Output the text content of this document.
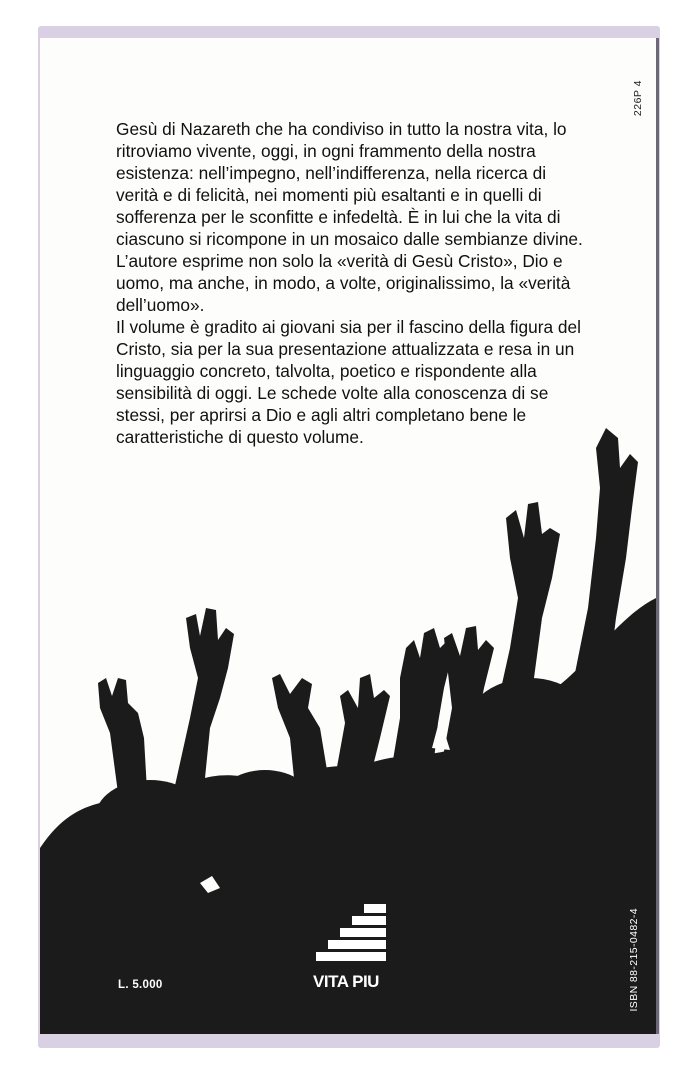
226P 4

Gesù di Nazareth che ha condiviso in tutto la nostra vita, lo ritroviamo vivente, oggi, in ogni frammento della nostra esistenza: nell’impegno, nell’indifferenza, nella ricerca di verità e di felicità, nei momenti più esaltanti e in quelli di sofferenza per le sconfitte e infedeltà. È in lui che la vita di ciascuno si ricompone in un mosaico dalle sembianze divine.

L’autore esprime non solo la «verità di Gesù Cristo», Dio e uomo, ma anche, in modo, a volte, originalissimo, la «verità dell’uomo».

Il volume è gradito ai giovani sia per il fascino della figura del Cristo, sia per la sua presentazione attualizzata e resa in un linguaggio concreto, talvolta, poetico e rispondente alla sensibilità di oggi. Le schede volte alla conoscenza di se stessi, per aprirsi a Dio e agli altri completano bene le caratteristiche di questo volume.

L. 5.000	VITA PIU	ISBN 88-215-0482-4
